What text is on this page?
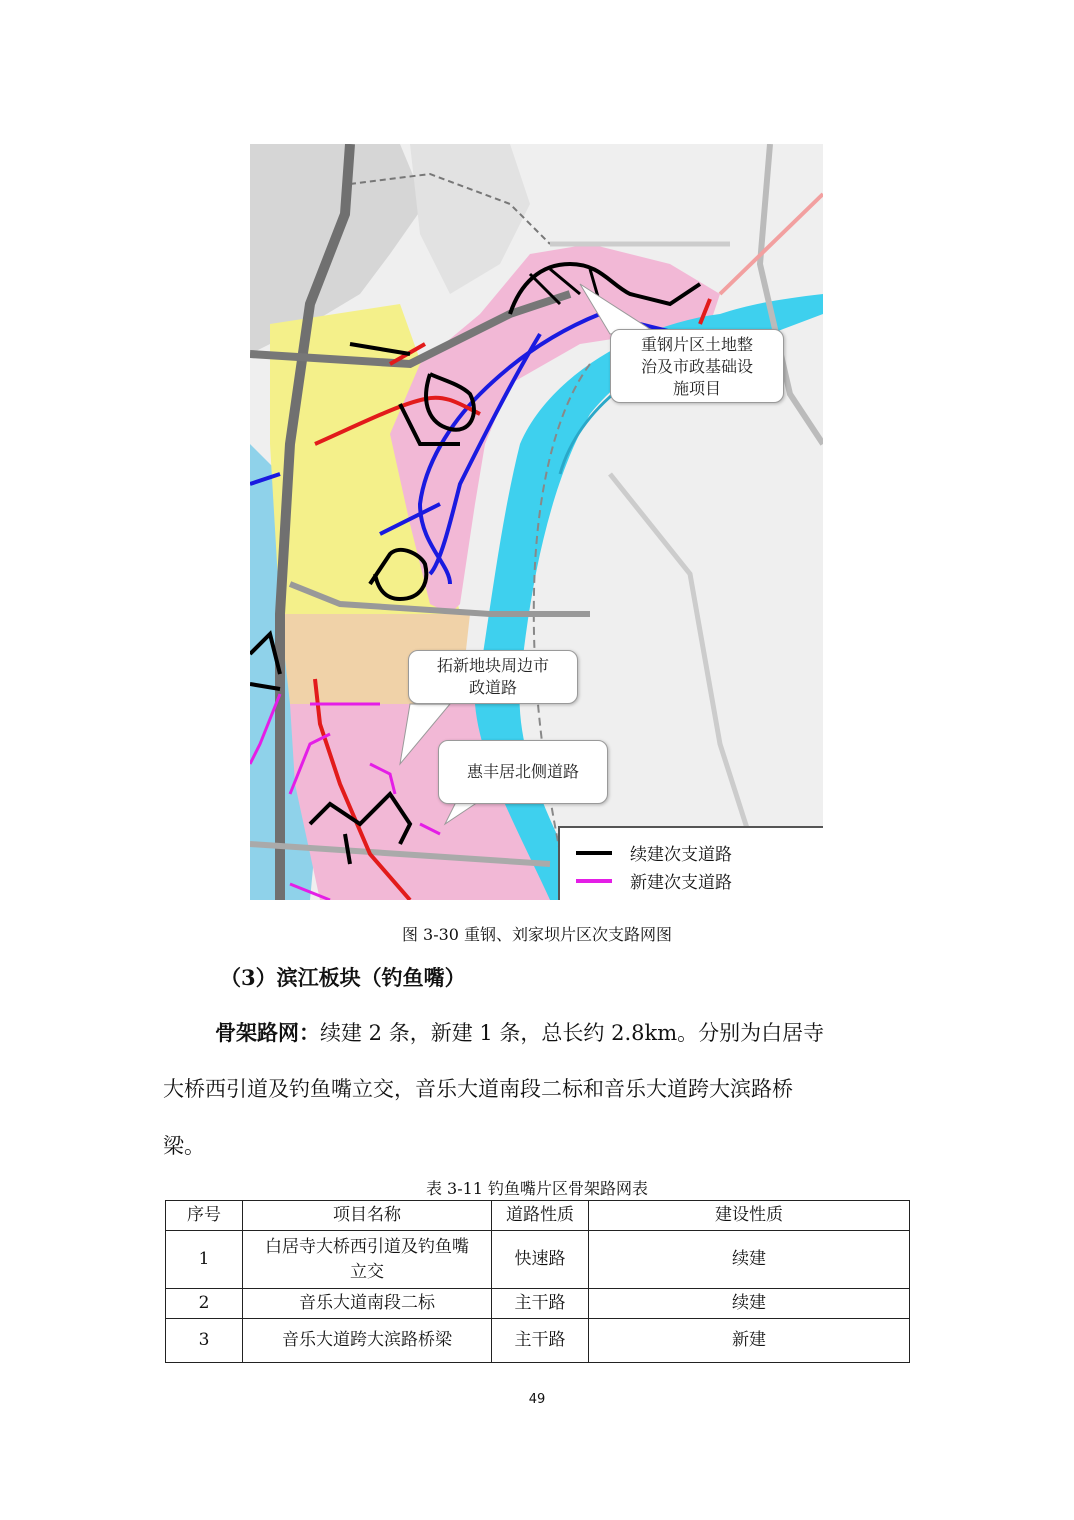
重钢片区土地整
治及市政基础设
施项目
拓新地块周边市
政道路
惠丰居北侧道路
续建次支道路
新建次支道路
图 3-30 重钢、刘家坝片区次支路网图
（3）滨江板块（钓鱼嘴）
骨架路网：续建 2 条，新建 1 条，总长约 2.8km。分别为白居寺
大桥西引道及钓鱼嘴立交，音乐大道南段二标和音乐大道跨大滨路桥
梁。
表 3-11 钓鱼嘴片区骨架路网表
序号	项目名称	道路性质	建设性质
1	白居寺大桥西引道及钓鱼嘴
立交	快速路	续建
2	音乐大道南段二标	主干路	续建
3	音乐大道跨大滨路桥梁	主干路	新建
49
